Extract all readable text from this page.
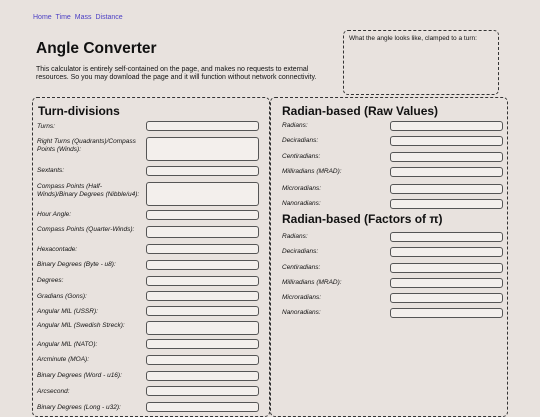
Home Time Mass Distance
Angle Converter

This calculator is entirely self-contained on the page, and makes no requests to external resources. So you may download the page and it will function without network connectivity.

What the angle looks like, clamped to a turn:
Turn-divisions
Turns:
Right Turns (Quadrants)/Compass Points (Winds):
Sextants:
Compass Points (Half-Winds)/Binary Degrees (Nibble/u4):
Hour Angle:
Compass Points (Quarter-Winds):
Hexacontade:
Binary Degrees (Byte - u8):
Degrees:
Gradians (Gons):
Angular MIL (USSR):
Angular MIL (Swedish Streck):
Angular MIL (NATO):
Arcminute (MOA):
Binary Degrees (Word - u16):
Arcsecond:
Binary Degrees (Long - u32):
Radian-based (Raw Values)
Radians:
Deciradians:
Centiradians:
Milliradians (MRAD):
Microradians:
Nanoradians:
Radian-based (Factors of π)
Radians:
Deciradians:
Centiradians:
Milliradians (MRAD):
Microradians:
Nanoradians:
